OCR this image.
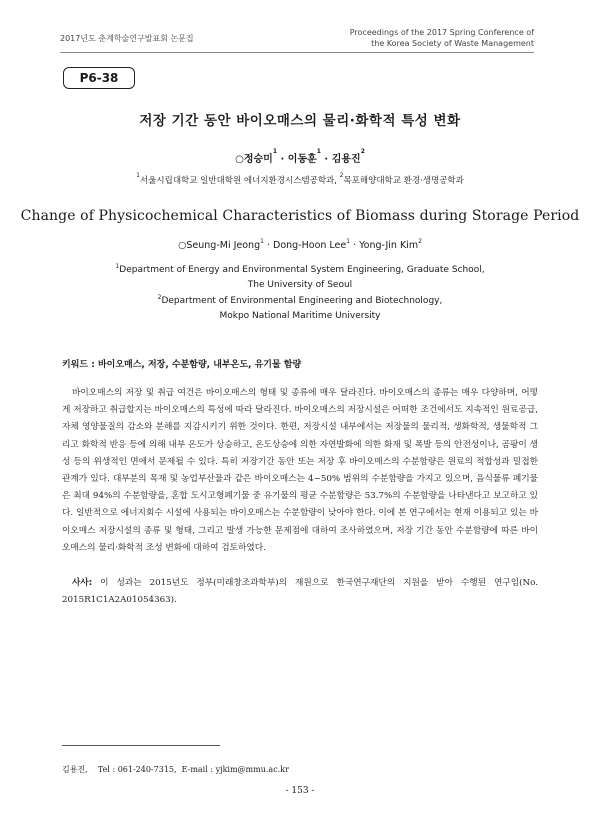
2017년도 춘계학술연구발표회 논문집
Proceedings of the 2017 Spring Conference of
the Korea Society of Waste Management
P6-38
저장 기간 동안 바이오매스의 물리·화학적 특성 변화
○정승미$^1$ · 이동훈$^1$ · 김용진$^2$
$^1$서울시립대학교 일반대학원 에너지환경시스템공학과, $^2$목포해양대학교 환경·생명공학과
Change of Physicochemical Characteristics of Biomass during Storage Period
○Seung-Mi Jeong$^1$ · Dong-Hoon Lee$^1$ · Yong-Jin Kim$^2$
$^1$Department of Energy and Environmental System Engineering, Graduate School,
The University of Seoul
$^2$Department of Environmental Engineering and Biotechnology,
Mokpo National Maritime University
키워드 : 바이오매스, 저장, 수분함량, 내부온도, 유기물 함량
바이오매스의 저장 및 취급 여건은 바이오매스의 형태 및 종류에 매우 달라진다. 바이오매스의 종류는 매우 다양하며, 어떻게 저장하고 취급할지는 바이오매스의 특성에 따라 달라진다. 바이오매스의 저장시설은 어떠한 조건에서도 지속적인 원료공급, 자체 영양물질의 감소와 분해를 지감시키기 위한 것이다. 한편, 저장시설 내부에서는 저장물의 물리적, 생화학적, 생물학적 그리고 화학적 반응 등에 의해 내부 온도가 상승하고, 온도상승에 의한 자연발화에 의한 화재 및 폭발 등의 안전성이나, 곰팡이 생성 등의 위생적인 면에서 문제될 수 있다. 특히 저장기간 동안 또는 저장 후 바이오매스의 수분함량은 원료의 적합성과 밀접한 관계가 있다. 대부분의 목재 및 농업부산물과 같은 바이오매스는 4~50% 범위의 수분함량을 가지고 있으며, 음식물류 폐기물은 최대 94%의 수분함량을, 혼합 도시고형폐기물 중 유기물의 평균 수분함량은 53.7%의 수분함량을 나타낸다고 보고하고 있다. 일반적으로 에너지회수 시설에 사용되는 바이오매스는 수분함량이 낮아야 한다. 이에 본 연구에서는 현재 이용되고 있는 바이오매스 저장시설의 종류 및 형태, 그리고 발생 가능한 문제점에 대하여 조사하였으며, 저장 기간 동안 수분함량에 따른 바이오매스의 물리·화학적 조성 변화에 대하여 검토하였다.
사사: 이 성과는 2015년도 정부(미래창조과학부)의 재원으로 한국연구재단의 지원을 받아 수행된 연구임(No. 2015R1C1A2A01054363).
김용진,    Tel : 061-240-7315,  E-mail : yjkim@mmu.ac.kr
- 153 -
